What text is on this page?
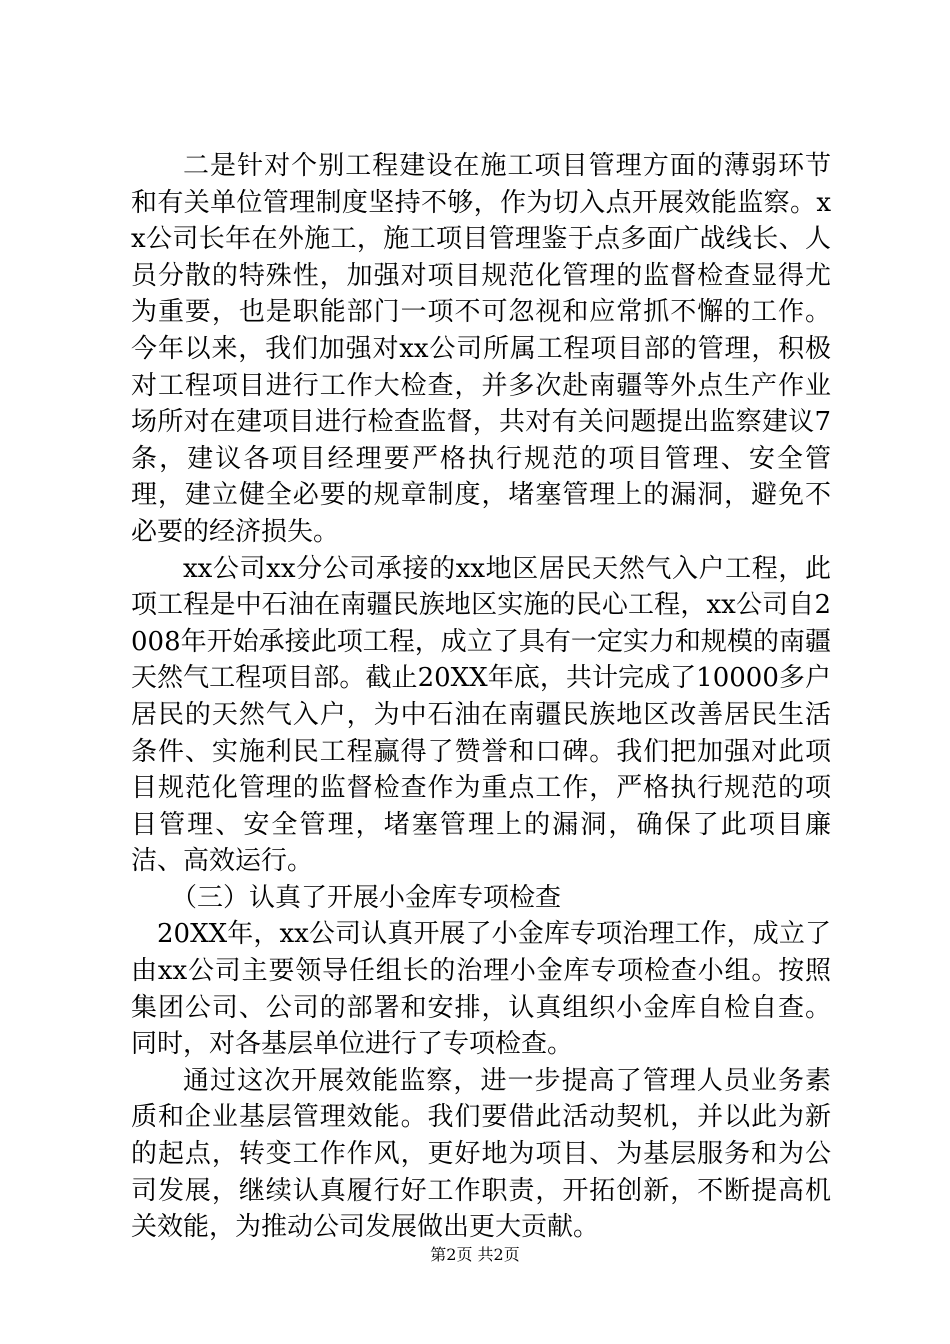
二是针对个别工程建设在施工项目管理方面的薄弱环节和有关单位管理制度坚持不够，作为切入点开展效能监察。xx公司长年在外施工，施工项目管理鉴于点多面广战线长、人员分散的特殊性，加强对项目规范化管理的监督检查显得尤为重要，也是职能部门一项不可忽视和应常抓不懈的工作。今年以来，我们加强对xx公司所属工程项目部的管理，积极对工程项目进行工作大检查，并多次赴南疆等外点生产作业场所对在建项目进行检查监督，共对有关问题提出监察建议7条，建议各项目经理要严格执行规范的项目管理、安全管理，建立健全必要的规章制度，堵塞管理上的漏洞，避免不必要的经济损失。

xx公司xx分公司承接的xx地区居民天然气入户工程，此项工程是中石油在南疆民族地区实施的民心工程，xx公司自2008年开始承接此项工程，成立了具有一定实力和规模的南疆天然气工程项目部。截止20XX年底，共计完成了10000多户居民的天然气入户，为中石油在南疆民族地区改善居民生活条件、实施利民工程赢得了赞誉和口碑。我们把加强对此项目规范化管理的监督检查作为重点工作，严格执行规范的项目管理、安全管理，堵塞管理上的漏洞，确保了此项目廉洁、高效运行。

（三）认真了开展小金库专项检查

20XX年，xx公司认真开展了小金库专项治理工作，成立了由xx公司主要领导任组长的治理小金库专项检查小组。按照集团公司、公司的部署和安排，认真组织小金库自检自查。同时，对各基层单位进行了专项检查。

通过这次开展效能监察，进一步提高了管理人员业务素质和企业基层管理效能。我们要借此活动契机，并以此为新的起点，转变工作作风，更好地为项目、为基层服务和为公司发展，继续认真履行好工作职责，开拓创新，不断提高机关效能，为推动公司发展做出更大贡献。

第2页 共2页
